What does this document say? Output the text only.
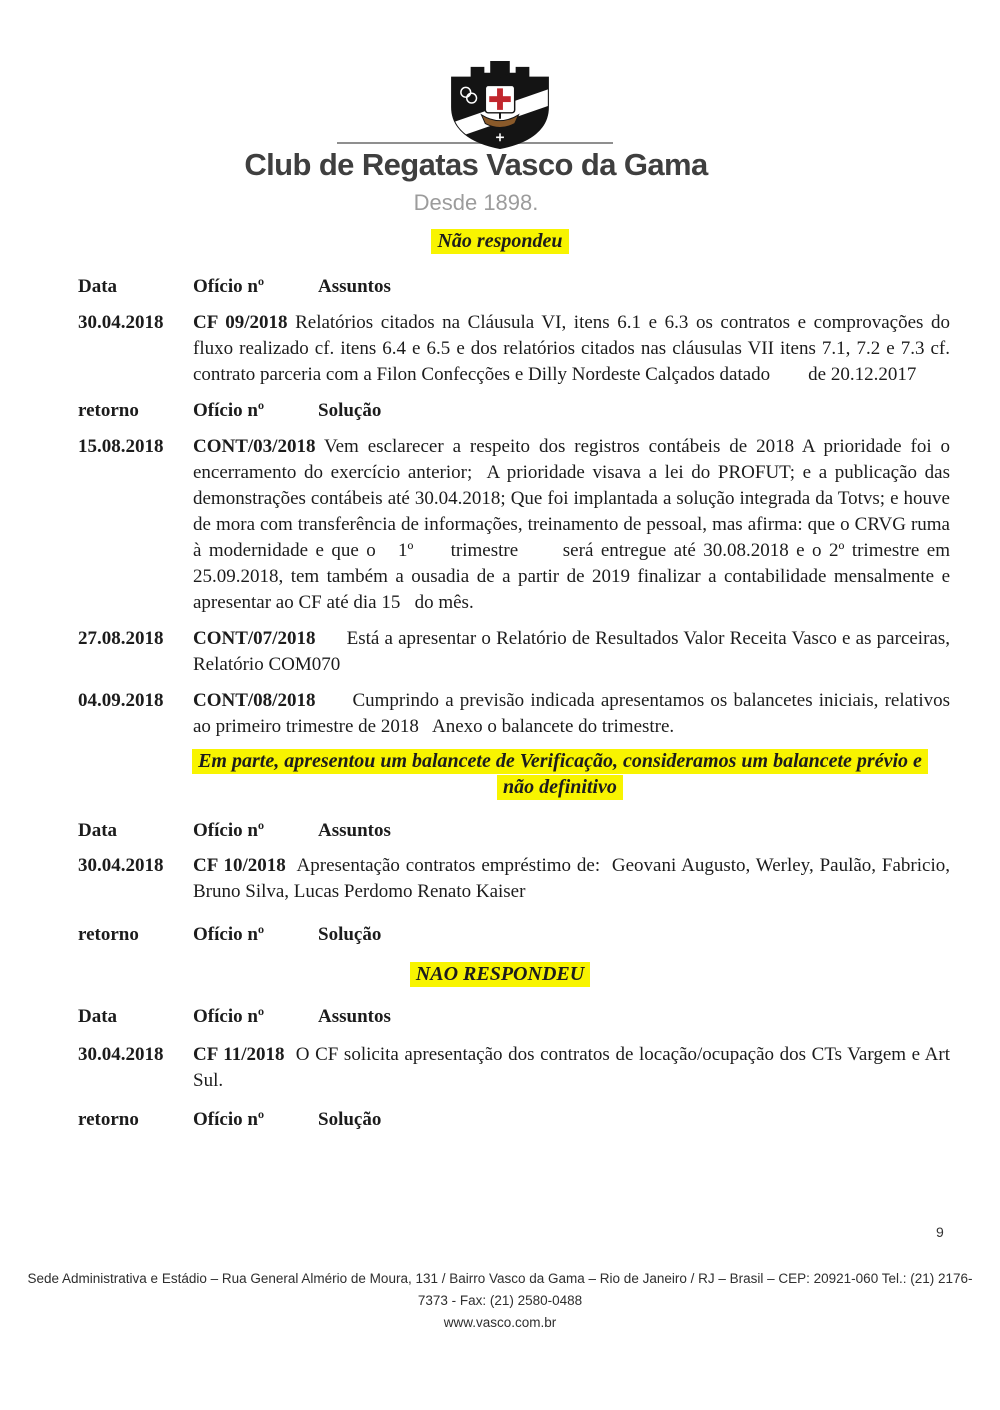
Club de Regatas Vasco da Gama
Desde 1898.

Não respondeu

Data	Ofício nº	Assuntos
30.04.2018	CF 09/2018 Relatórios citados na Cláusula VI, itens 6.1 e 6.3 os contratos e comprovações do fluxo realizado cf. itens 6.4 e 6.5 e dos relatórios citados nas cláusulas VII itens 7.1, 7.2 e 7.3 cf. contrato parceria com a Filon Confecções e Dilly Nordeste Calçados datado        de 20.12.2017

retorno	Ofício nº	Solução
15.08.2018	CONT/03/2018 Vem esclarecer a respeito dos registros contábeis de 2018 A prioridade foi o encerramento do exercício anterior;  A prioridade visava a lei do PROFUT; e a publicação das demonstrações contábeis até 30.04.2018; Que foi implantada a solução integrada da Totvs; e houve de mora com transferência de informações, treinamento de pessoal, mas afirma: que o CRVG ruma à modernidade e que o   1º     trimestre      será entregue até 30.08.2018 e o 2º trimestre em 25.09.2018, tem também a ousadia de a partir de 2019 finalizar a contabilidade mensalmente e apresentar ao CF até dia 15   do mês.

27.08.2018	CONT/07/2018      Está a apresentar o Relatório de Resultados Valor Receita Vasco e as parceiras, Relatório COM070

04.09.2018	CONT/08/2018      Cumprindo a previsão indicada apresentamos os balancetes iniciais, relativos ao primeiro trimestre de 2018   Anexo o balancete do trimestre.

Em parte, apresentou um balancete de Verificação, consideramos um balancete prévio e não definitivo

Data	Ofício nº	Assuntos
30.04.2018	CF 10/2018  Apresentação contratos empréstimo de:  Geovani Augusto, Werley, Paulão, Fabricio, Bruno Silva, Lucas Perdomo Renato Kaiser

retorno	Ofício nº	Solução

NAO RESPONDEU

Data	Ofício nº	Assuntos
30.04.2018	CF 11/2018  O CF solicita apresentação dos contratos de locação/ocupação dos CTs Vargem e Art Sul.

retorno	Ofício nº	Solução
9
Sede Administrativa e Estádio – Rua General Almério de Moura, 131 / Bairro Vasco da Gama – Rio de Janeiro / RJ – Brasil – CEP: 20921-060 Tel.: (21) 2176-
7373 - Fax: (21) 2580-0488
www.vasco.com.br
